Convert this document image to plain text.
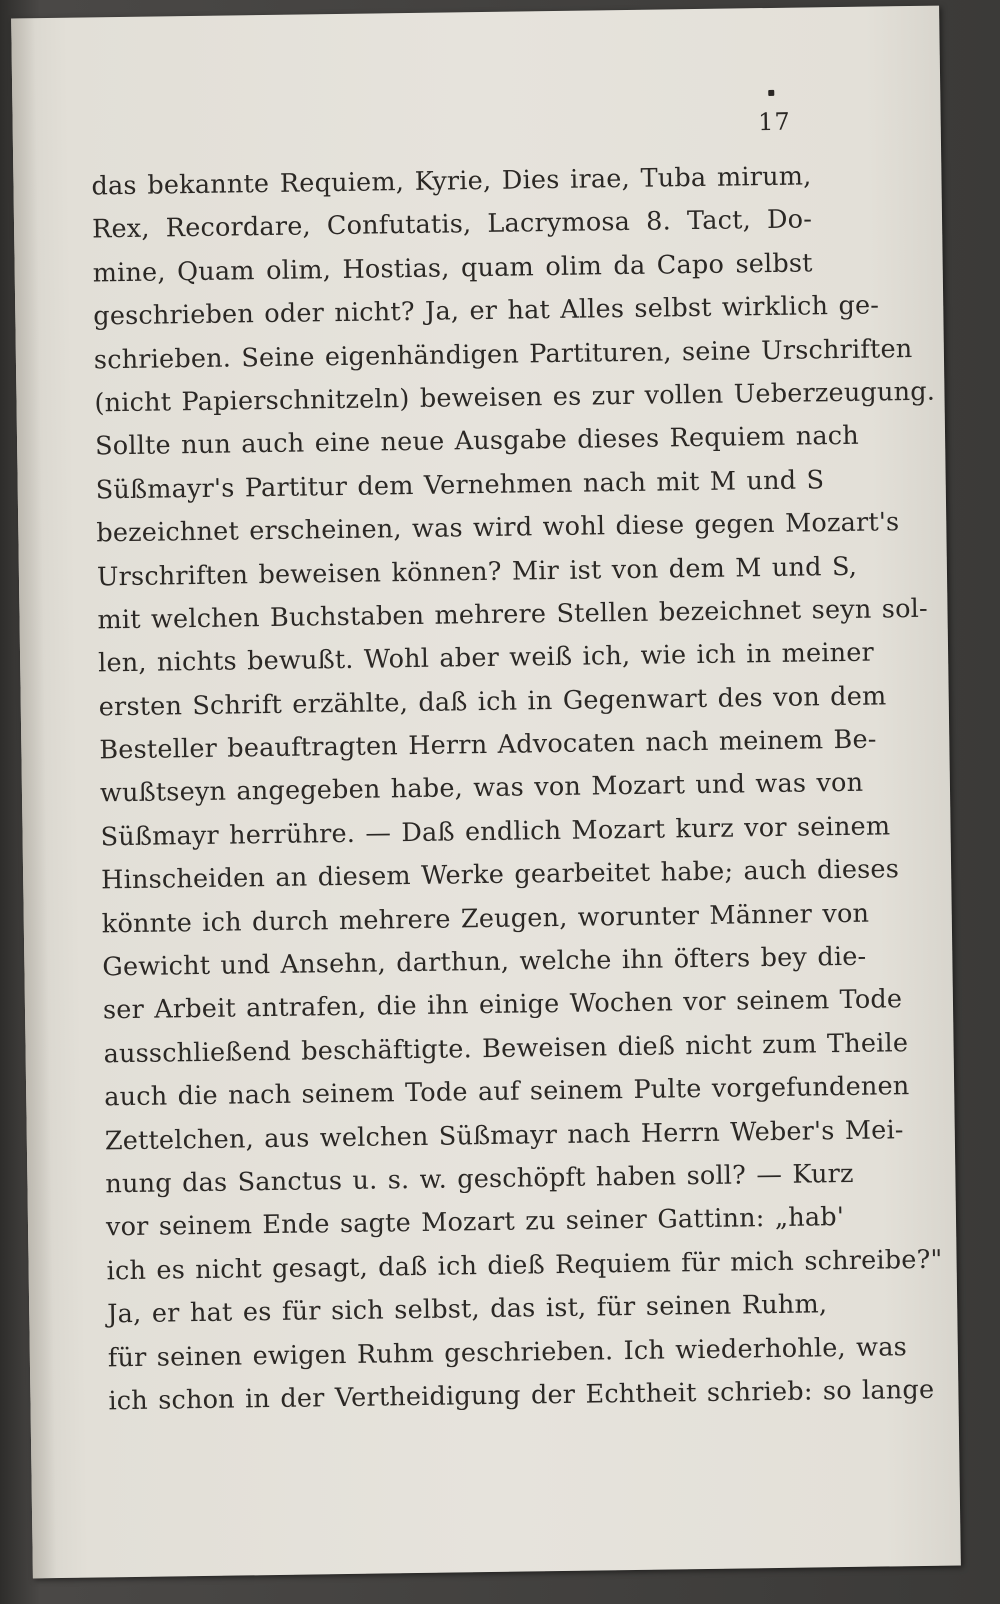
17
das bekannte Requiem, Kyrie, Dies irae, Tuba mirum,
Rex, Recordare, Confutatis, Lacrymosa 8. Tact, Do-
mine, Quam olim, Hostias, quam olim da Capo selbst
geschrieben oder nicht? Ja, er hat Alles selbst wirklich ge-
schrieben. Seine eigenhändigen Partituren, seine Urschriften
(nicht Papierschnitzeln) beweisen es zur vollen Ueberzeugung.
Sollte nun auch eine neue Ausgabe dieses Requiem nach
Süßmayr's Partitur dem Vernehmen nach mit M und S
bezeichnet erscheinen, was wird wohl diese gegen Mozart's
Urschriften beweisen können? Mir ist von dem M und S,
mit welchen Buchstaben mehrere Stellen bezeichnet seyn sol-
len, nichts bewußt. Wohl aber weiß ich, wie ich in meiner
ersten Schrift erzählte, daß ich in Gegenwart des von dem
Besteller beauftragten Herrn Advocaten nach meinem Be-
wußtseyn angegeben habe, was von Mozart und was von
Süßmayr herrühre. — Daß endlich Mozart kurz vor seinem
Hinscheiden an diesem Werke gearbeitet habe; auch dieses
könnte ich durch mehrere Zeugen, worunter Männer von
Gewicht und Ansehn, darthun, welche ihn öfters bey die-
ser Arbeit antrafen, die ihn einige Wochen vor seinem Tode
ausschließend beschäftigte. Beweisen dieß nicht zum Theile
auch die nach seinem Tode auf seinem Pulte vorgefundenen
Zettelchen, aus welchen Süßmayr nach Herrn Weber's Mei-
nung das Sanctus u. s. w. geschöpft haben soll? — Kurz
vor seinem Ende sagte Mozart zu seiner Gattinn: „hab'
ich es nicht gesagt, daß ich dieß Requiem für mich schreibe?"
Ja, er hat es für sich selbst, das ist, für seinen Ruhm,
für seinen ewigen Ruhm geschrieben. Ich wiederhohle, was
ich schon in der Vertheidigung der Echtheit schrieb: so lange
